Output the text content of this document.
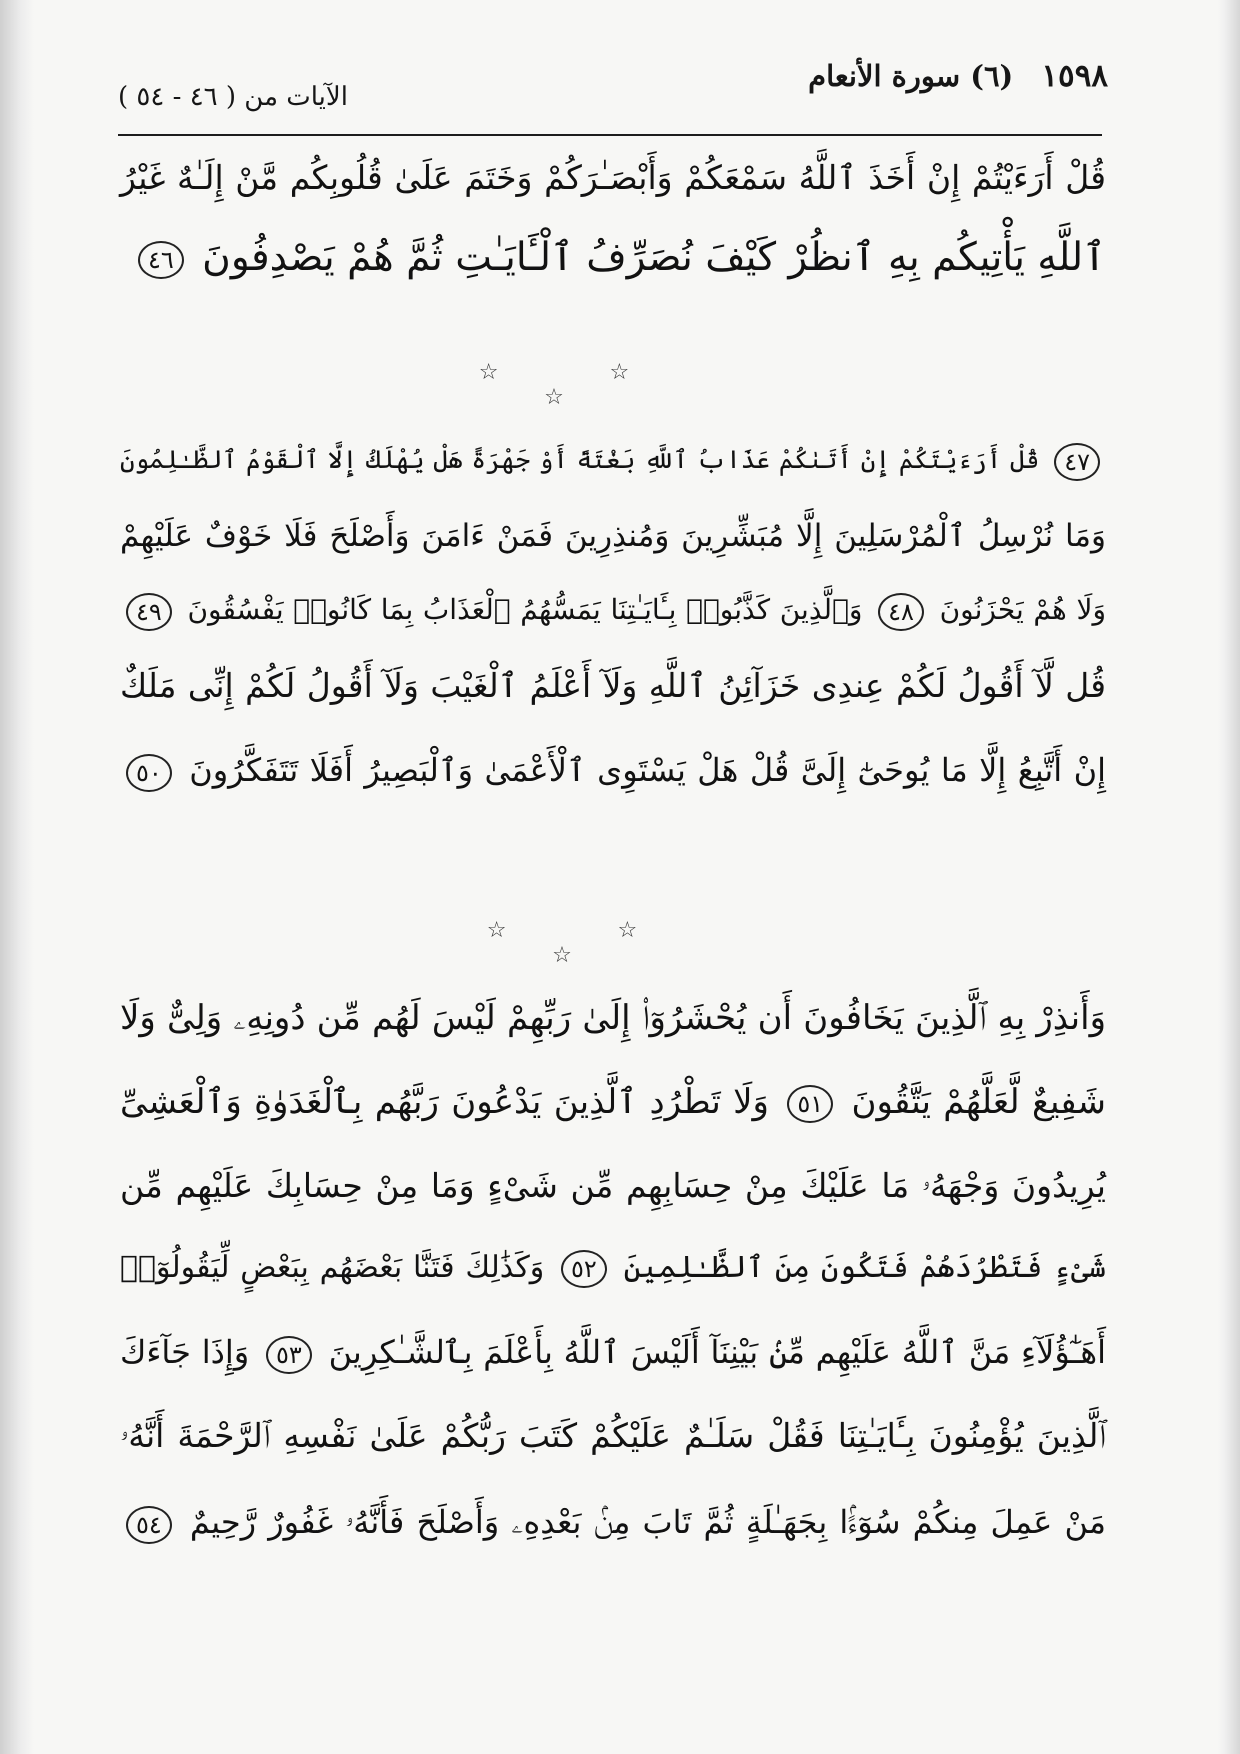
١٥٩٨ (٦) سورة الأنعام
الآيات من ( ٤٦ - ٥٤ )
قُلْ أَرَءَيْتُمْ إِنْ أَخَذَ ٱللَّهُ سَمْعَكُمْ وَأَبْصَـٰرَكُمْ وَخَتَمَ عَلَىٰ قُلُوبِكُم مَّنْ إِلَـٰهٌ غَيْرُ
ٱللَّهِ يَأْتِيكُم بِهِ ٱنظُرْ كَيْفَ نُصَرِّفُ ٱلْـَٔايَـٰتِ ثُمَّ هُمْ يَصْدِفُونَ ٤٦
☆ ☆ ☆
٤٧ قُلْ أَرَءَيْتَكُمْ إِنْ أَتَىٰكُمْ عَذَابُ ٱللَّهِ بَغْتَةً أَوْ جَهْرَةً هَلْ يُهْلَكُ إِلَّا ٱلْقَوْمُ ٱلظَّـٰلِمُونَ
وَمَا نُرْسِلُ ٱلْمُرْسَلِينَ إِلَّا مُبَشِّرِينَ وَمُنذِرِينَ فَمَنْ ءَامَنَ وَأَصْلَحَ فَلَا خَوْفٌ عَلَيْهِمْ
وَلَا هُمْ يَحْزَنُونَ ٤٨ وَٱلَّذِينَ كَذَّبُوا۟ بِـَٔايَـٰتِنَا يَمَسُّهُمُ ٱلْعَذَابُ بِمَا كَانُوا۟ يَفْسُقُونَ ٤٩
قُل لَّآ أَقُولُ لَكُمْ عِندِى خَزَآئِنُ ٱللَّهِ وَلَآ أَعْلَمُ ٱلْغَيْبَ وَلَآ أَقُولُ لَكُمْ إِنِّى مَلَكٌ
إِنْ أَتَّبِعُ إِلَّا مَا يُوحَىٰٓ إِلَىَّ قُلْ هَلْ يَسْتَوِى ٱلْأَعْمَىٰ وَٱلْبَصِيرُ أَفَلَا تَتَفَكَّرُونَ ٥٠
☆ ☆ ☆
وَأَنذِرْ بِهِ ٱلَّذِينَ يَخَافُونَ أَن يُحْشَرُوٓا۟ إِلَىٰ رَبِّهِمْ لَيْسَ لَهُم مِّن دُونِهِۦ وَلِىٌّ وَلَا
شَفِيعٌ لَّعَلَّهُمْ يَتَّقُونَ ٥١ وَلَا تَطْرُدِ ٱلَّذِينَ يَدْعُونَ رَبَّهُم بِٱلْغَدَوٰةِ وَٱلْعَشِىِّ
يُرِيدُونَ وَجْهَهُۥ مَا عَلَيْكَ مِنْ حِسَابِهِم مِّن شَىْءٍ وَمَا مِنْ حِسَابِكَ عَلَيْهِم مِّن
شَىْءٍ فَتَطْرُدَهُمْ فَتَكُونَ مِنَ ٱلظَّـٰلِمِينَ ٥٢ وَكَذَٰلِكَ فَتَنَّا بَعْضَهُم بِبَعْضٍ لِّيَقُولُوٓا۟
أَهَـٰٓؤُلَآءِ مَنَّ ٱللَّهُ عَلَيْهِم مِّنۢ بَيْنِنَآ أَلَيْسَ ٱللَّهُ بِأَعْلَمَ بِٱلشَّـٰكِرِينَ ٥٣ وَإِذَا جَآءَكَ
ٱلَّذِينَ يُؤْمِنُونَ بِـَٔايَـٰتِنَا فَقُلْ سَلَـٰمٌ عَلَيْكُمْ كَتَبَ رَبُّكُمْ عَلَىٰ نَفْسِهِ ٱلرَّحْمَةَ أَنَّهُۥ
مَنْ عَمِلَ مِنكُمْ سُوٓءًۢا بِجَهَـٰلَةٍ ثُمَّ تَابَ مِنۢ بَعْدِهِۦ وَأَصْلَحَ فَأَنَّهُۥ غَفُورٌ رَّحِيمٌ ٥٤
